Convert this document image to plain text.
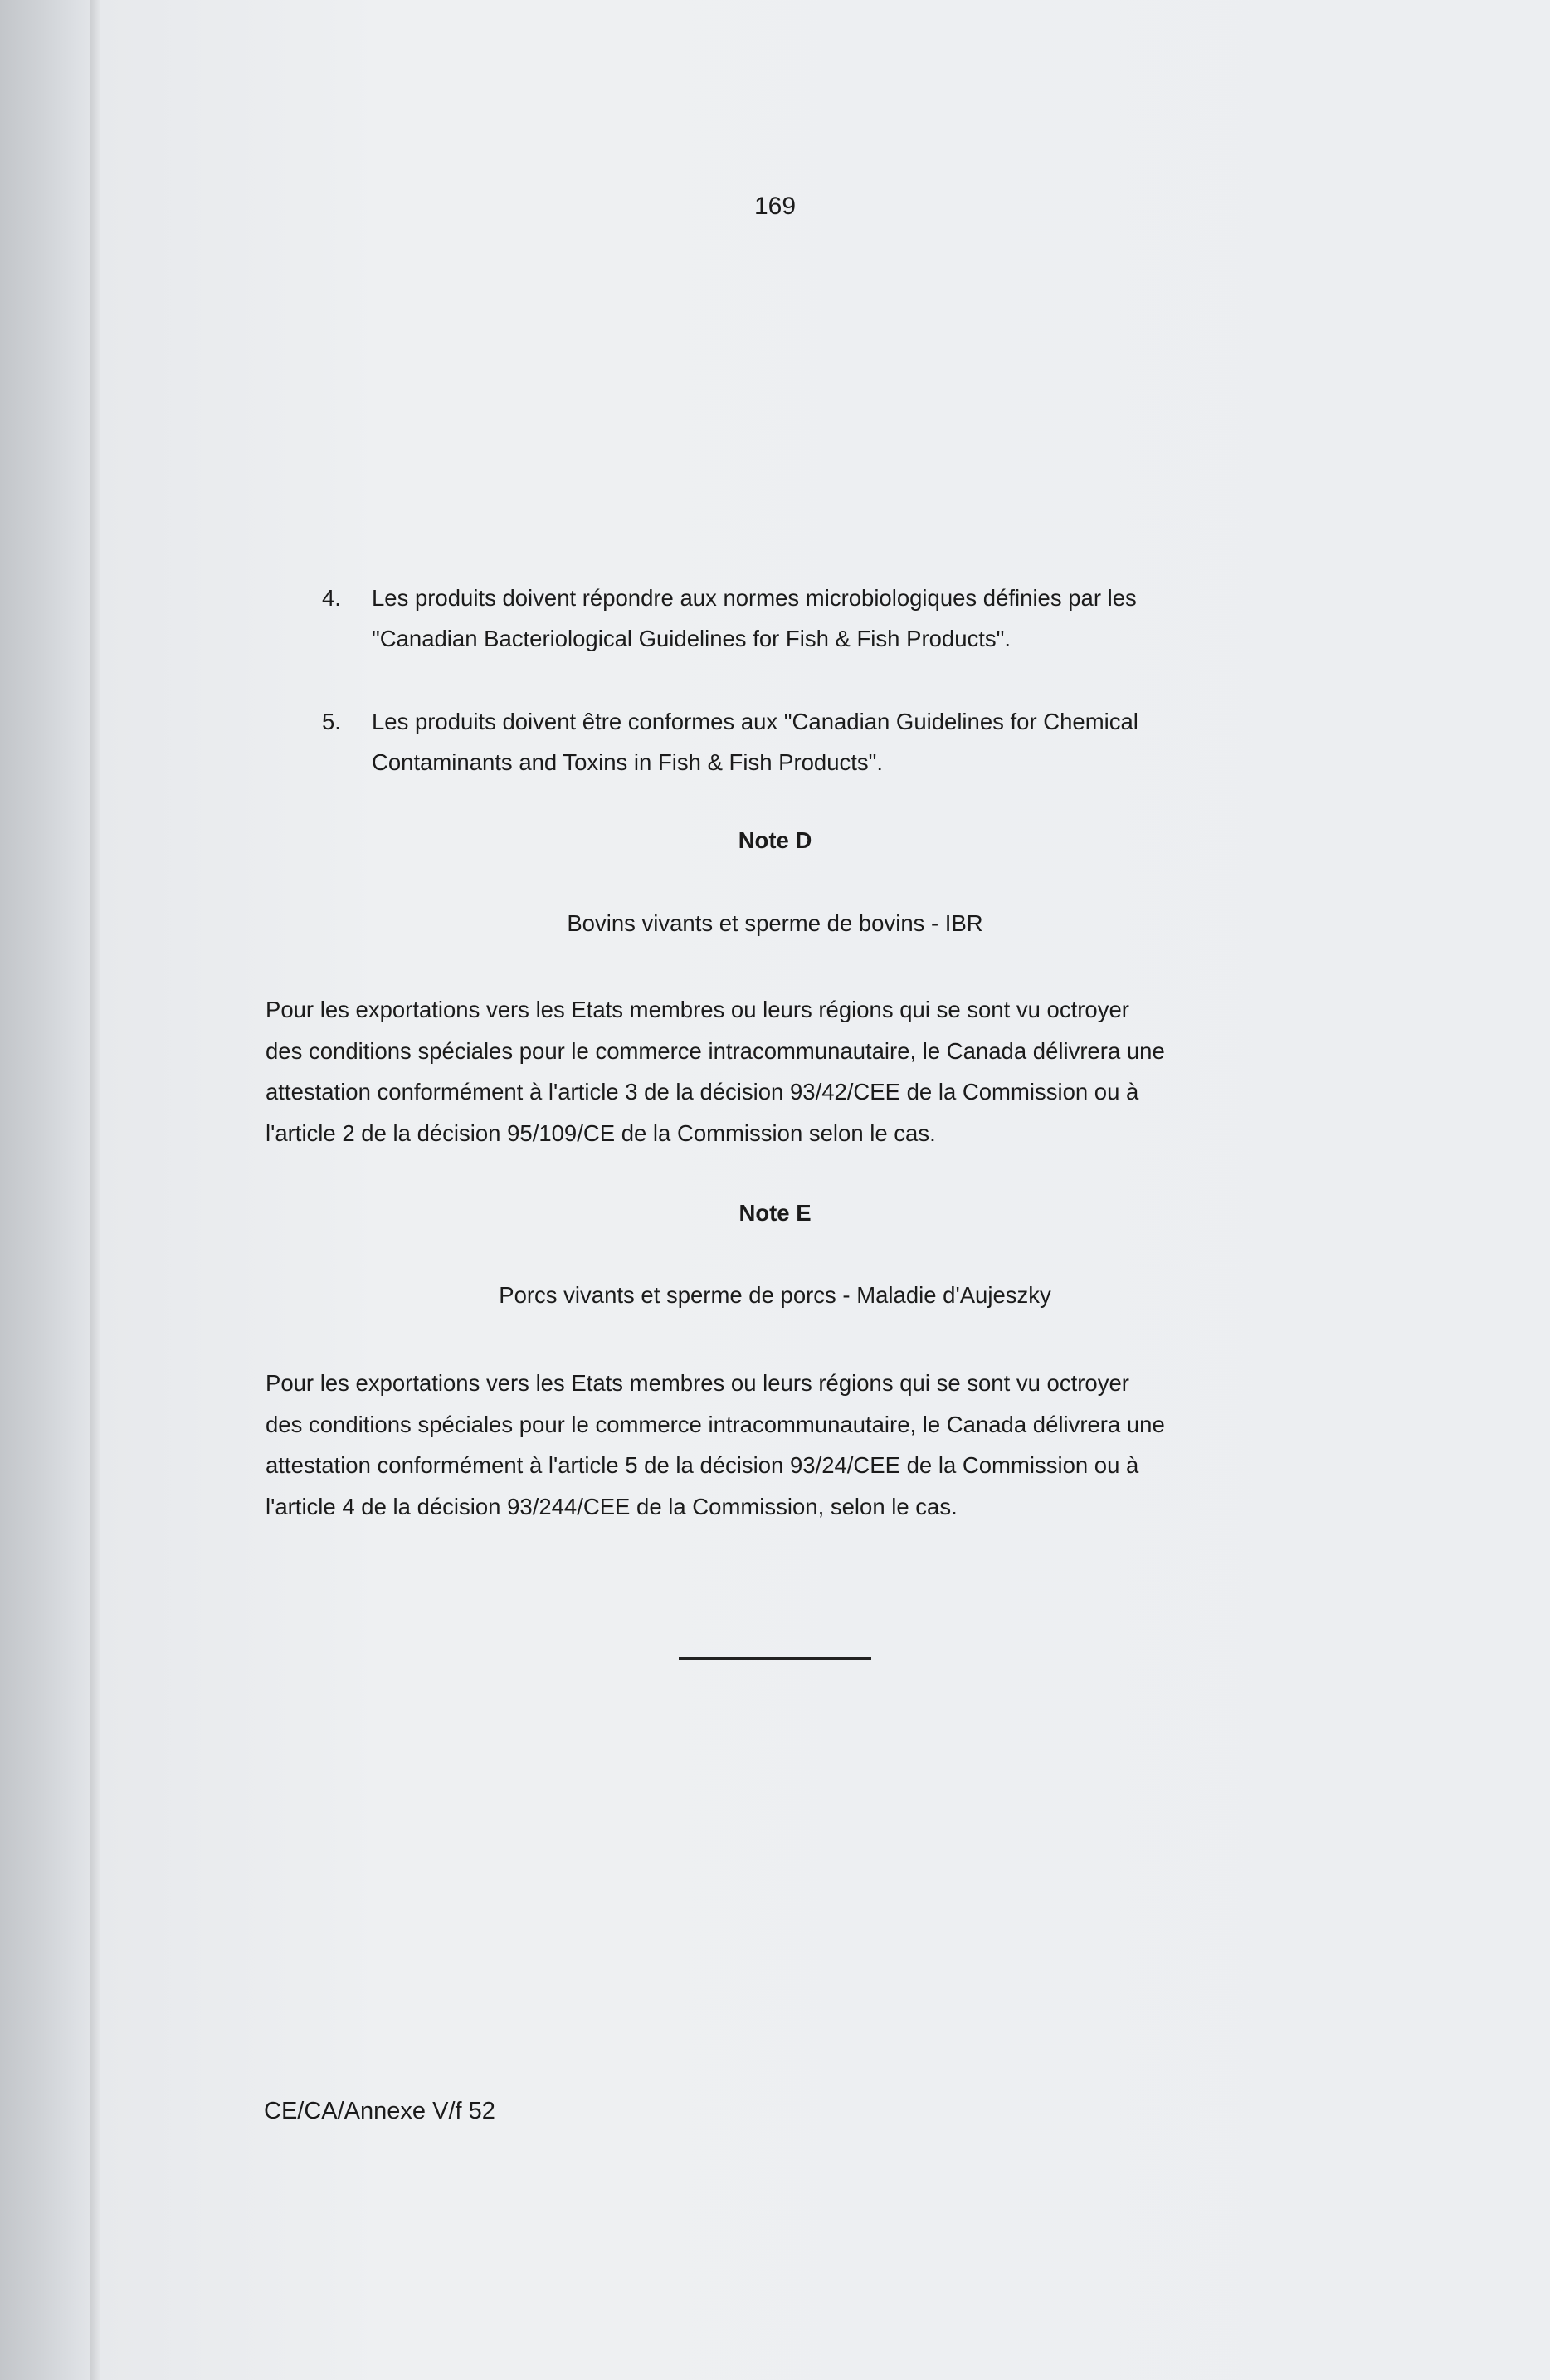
169
4. Les produits doivent répondre aux normes microbiologiques définies par les
"Canadian Bacteriological Guidelines for Fish & Fish Products".
5. Les produits doivent être conformes aux "Canadian Guidelines for Chemical
Contaminants and Toxins in Fish & Fish Products".
Note D
Bovins vivants et sperme de bovins - IBR
Pour les exportations vers les Etats membres ou leurs régions qui se sont vu octroyer
des conditions spéciales pour le commerce intracommunautaire, le Canada délivrera une
attestation conformément à l'article 3 de la décision 93/42/CEE de la Commission ou à
l'article 2 de la décision 95/109/CE de la Commission selon le cas.
Note E
Porcs vivants et sperme de porcs - Maladie d'Aujeszky
Pour les exportations vers les Etats membres ou leurs régions qui se sont vu octroyer
des conditions spéciales pour le commerce intracommunautaire, le Canada délivrera une
attestation conformément à l'article 5 de la décision 93/24/CEE de la Commission ou à
l'article 4 de la décision 93/244/CEE de la Commission, selon le cas.
CE/CA/Annexe V/f 52
